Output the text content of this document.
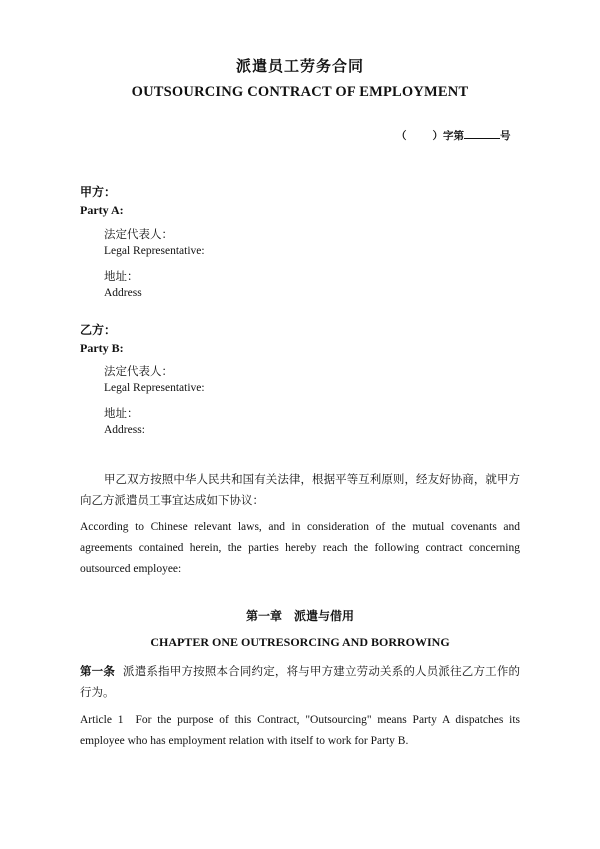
派遣员工劳务合同
OUTSOURCING CONTRACT OF EMPLOYMENT
（ ）字第	号
甲方：
Party A:
法定代表人：
Legal Representative:
地址：
Address
乙方：
Party B:
法定代表人：
Legal Representative:
地址：
Address:
甲乙双方按照中华人民共和国有关法律，根据平等互利原则，经友好协商，就甲方向乙方派遣员工事宜达成如下协议：
According to Chinese relevant laws, and in consideration of the mutual covenants and agreements contained herein, the parties hereby reach the following contract concerning outsourced employee:
第一章　派遣与借用
CHAPTER ONE OUTRESORCING AND BORROWING
第一条 派遣系指甲方按照本合同约定，将与甲方建立劳动关系的人员派往乙方工作的行为。
Article 1 For the purpose of this Contract, "Outsourcing" means Party A dispatches its employee who has employment relation with itself to work for Party B.
